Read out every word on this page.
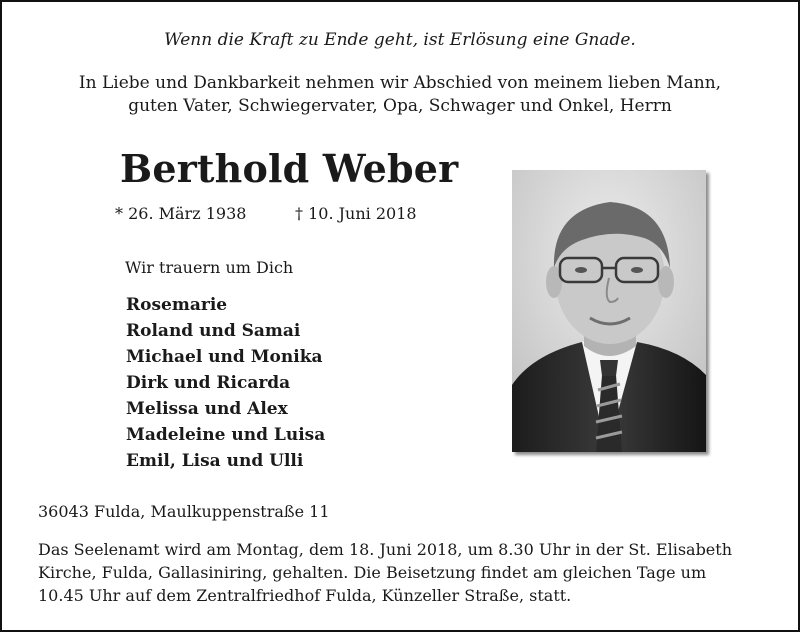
Wenn die Kraft zu Ende geht, ist Erlösung eine Gnade.
In Liebe und Dankbarkeit nehmen wir Abschied von meinem lieben Mann,
guten Vater, Schwiegervater, Opa, Schwager und Onkel, Herrn
Berthold Weber
* 26. März 1938	† 10. Juni 2018
Wir trauern um Dich
Rosemarie
Roland und Samai
Michael und Monika
Dirk und Ricarda
Melissa und Alex
Madeleine und Luisa
Emil, Lisa und Ulli
36043 Fulda, Maulkuppenstraße 11
Das Seelenamt wird am Montag, dem 18. Juni 2018, um 8.30 Uhr in der St. Elisabeth
Kirche, Fulda, Gallasiniring, gehalten. Die Beisetzung findet am gleichen Tage um
10.45 Uhr auf dem Zentralfriedhof Fulda, Künzeller Straße, statt.
